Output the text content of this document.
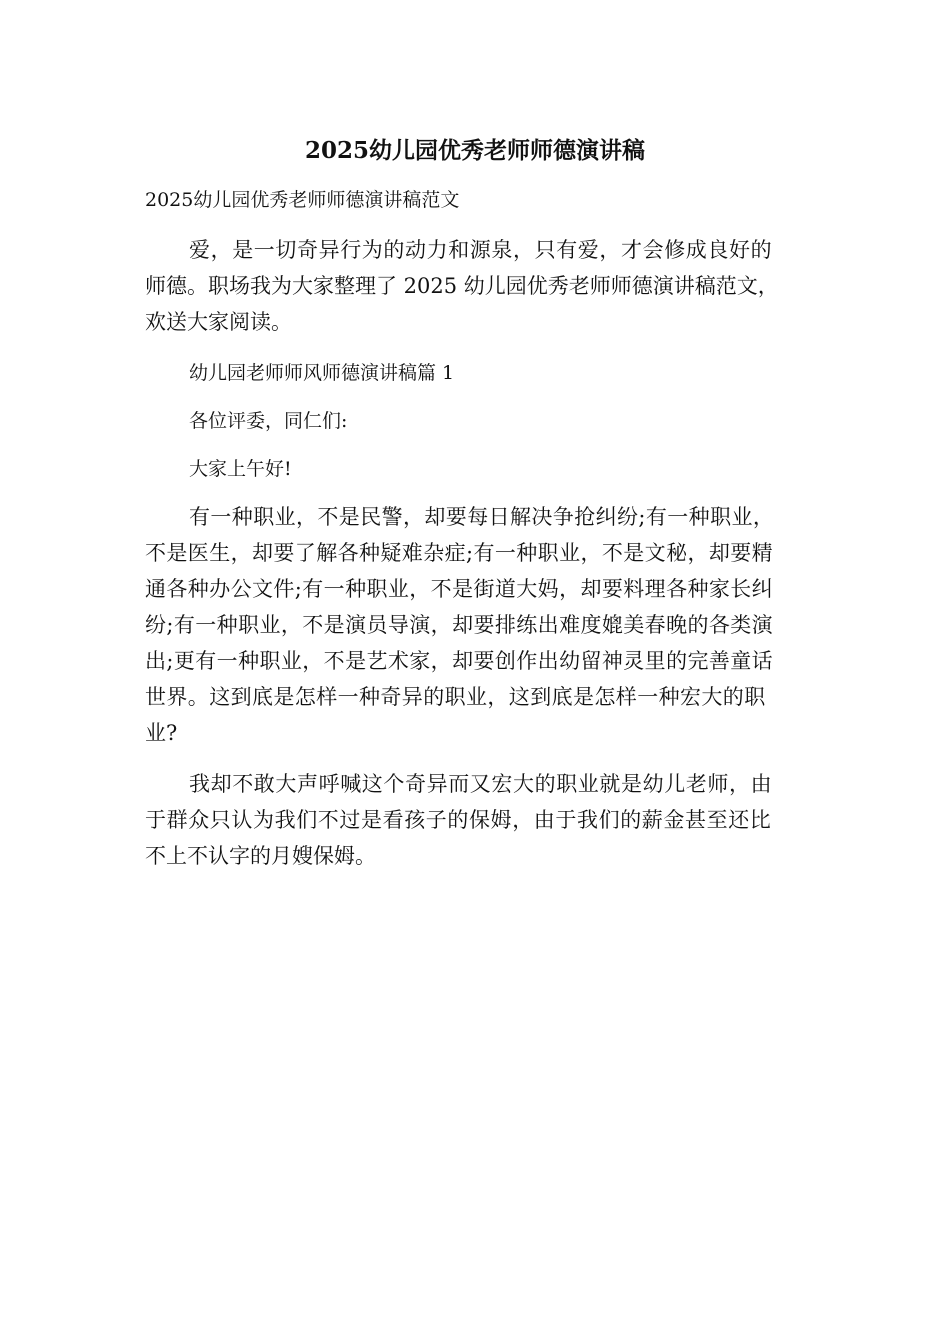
2025幼儿园优秀老师师德演讲稿

2025幼儿园优秀老师师德演讲稿范文

爱，是一切奇异行为的动力和源泉，只有爱，才会修成良好的
师德。职场我为大家整理了 2025 幼儿园优秀老师师德演讲稿范文，
欢送大家阅读。
幼儿园老师师风师德演讲稿篇 1
各位评委，同仁们:
大家上午好!
有一种职业，不是民警，却要每日解决争抢纠纷;有一种职业，
不是医生，却要了解各种疑难杂症;有一种职业，不是文秘，却要精
通各种办公文件;有一种职业，不是街道大妈，却要料理各种家长纠
纷;有一种职业，不是演员导演，却要排练出难度媲美春晚的各类演
出;更有一种职业，不是艺术家，却要创作出幼留神灵里的完善童话
世界。这到底是怎样一种奇异的职业，这到底是怎样一种宏大的职
业?
我却不敢大声呼喊这个奇异而又宏大的职业就是幼儿老师，由
于群众只认为我们不过是看孩子的保姆，由于我们的薪金甚至还比
不上不认字的月嫂保姆。
